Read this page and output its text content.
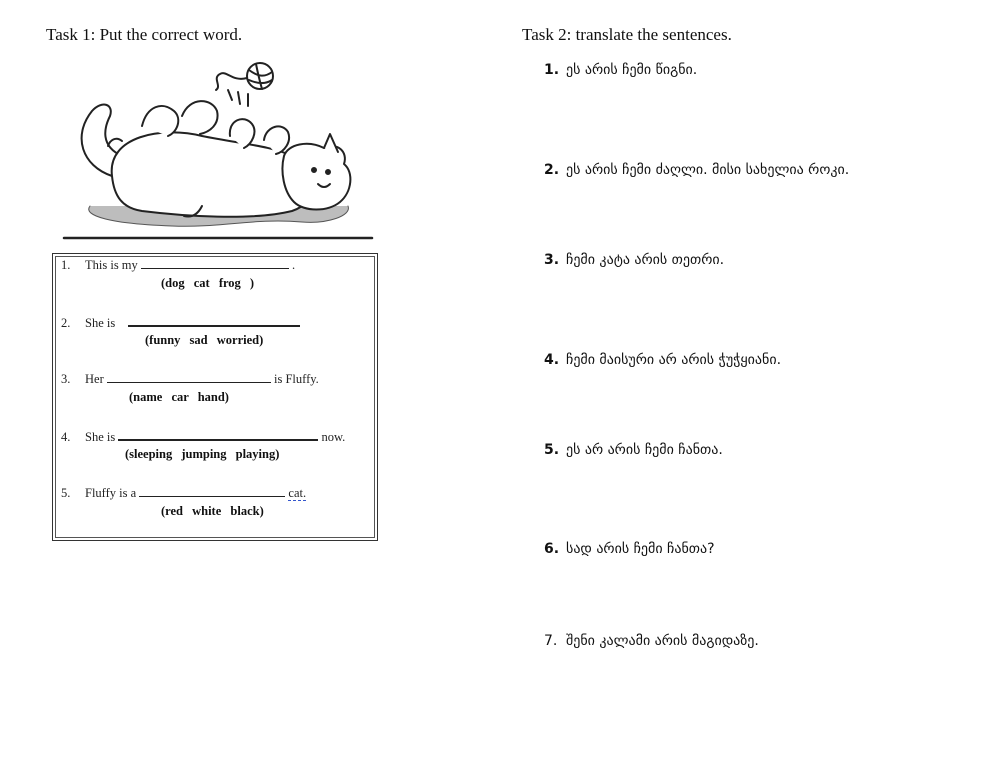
Task 1: Put the correct word.	Task 2: translate the sentences.
1. This is my	.
(dog cat frog )
2. She is
(funny sad worried)
3. Her	is Fluffy.
(name car hand)
4. She is	now.
(sleeping jumping playing)
5. Fluffy is a	cat.
(red white black)
1. ეს არის ჩემი წიგნი.
2. ეს არის ჩემი ძაღლი. მისი სახელია როკი.
3. ჩემი კატა არის თეთრი.
4. ჩემი მაისური არ არის ჭუჭყიანი.
5. ეს არ არის ჩემი ჩანთა.
6. სად არის ჩემი ჩანთა?
7. შენი კალამი არის მაგიდაზე.
